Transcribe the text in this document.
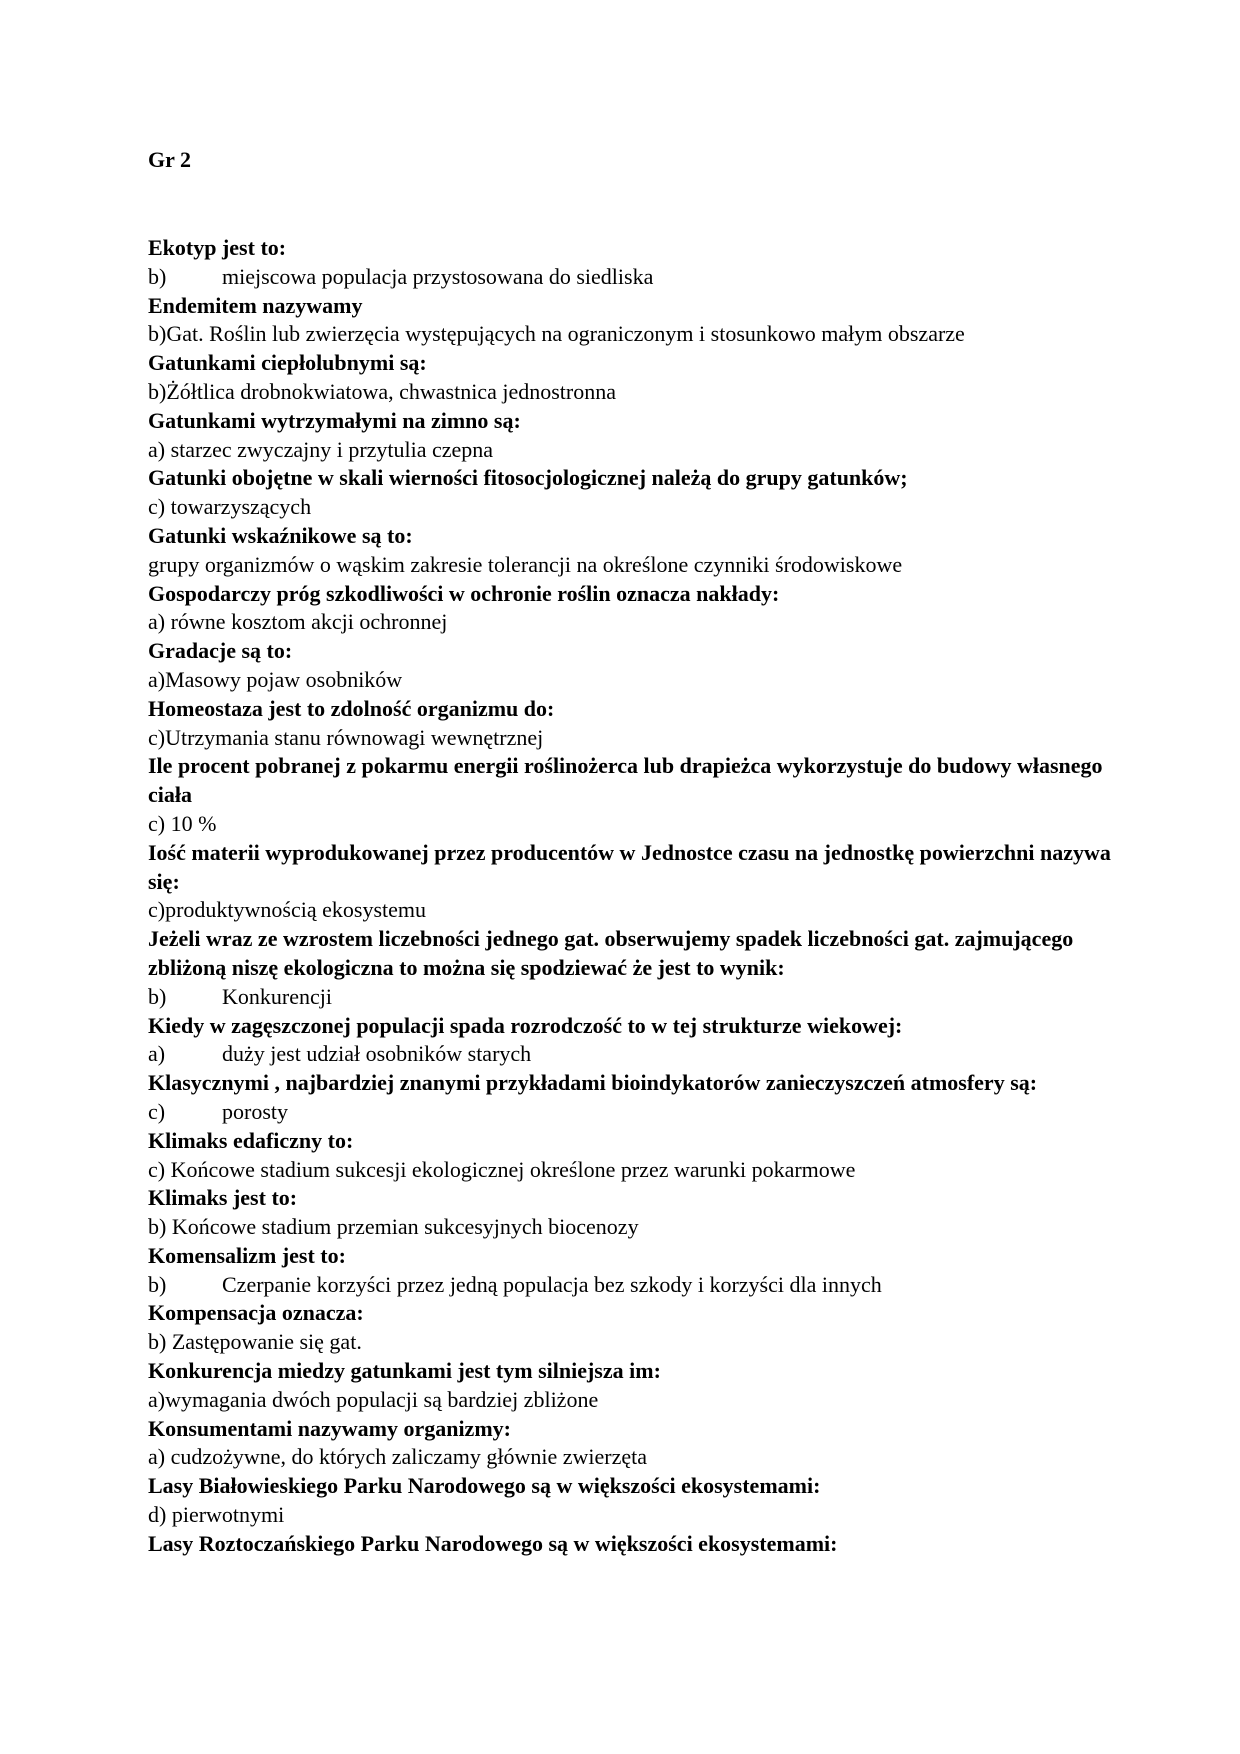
Gr 2
Ekotyp jest to:
b)	miejscowa populacja przystosowana do siedliska
Endemitem nazywamy
b)Gat. Roślin lub zwierzęcia występujących na ograniczonym i stosunkowo małym obszarze
Gatunkami ciepłolubnymi są:
b)Żółtlica drobnokwiatowa, chwastnica jednostronna
Gatunkami wytrzymałymi na zimno są:
a) starzec zwyczajny i przytulia czepna
Gatunki obojętne w skali wierności fitosocjologicznej należą do grupy gatunków;
c) towarzyszących
Gatunki wskaźnikowe są to:
grupy organizmów o wąskim zakresie tolerancji na określone czynniki środowiskowe
Gospodarczy próg szkodliwości w ochronie roślin oznacza nakłady:
a) równe kosztom akcji ochronnej
Gradacje są to:
a)Masowy pojaw osobników
Homeostaza jest to zdolność organizmu do:
c)Utrzymania stanu równowagi wewnętrznej
Ile procent pobranej z pokarmu energii roślinożerca lub drapieżca wykorzystuje do budowy własnego ciała
c) 10 %
Iość materii wyprodukowanej przez producentów w Jednostce czasu na jednostkę powierzchni nazywa się:
c)produktywnością ekosystemu
Jeżeli wraz ze wzrostem liczebności jednego gat. obserwujemy spadek liczebności gat. zajmującego zbliżoną niszę ekologiczna to można się spodziewać że jest to wynik:
b)	Konkurencji
Kiedy w zagęszczonej populacji spada rozrodczość to w tej strukturze wiekowej:
a)	duży jest udział osobników starych
Klasycznymi , najbardziej znanymi przykładami bioindykatorów zanieczyszczeń atmosfery są:
c)	porosty
Klimaks edaficzny to:
c) Końcowe stadium sukcesji ekologicznej określone przez warunki pokarmowe
Klimaks jest to:
b) Końcowe stadium przemian sukcesyjnych biocenozy
Komensalizm jest to:
b)	Czerpanie korzyści przez jedną populacja bez szkody i korzyści dla innych
Kompensacja oznacza:
b) Zastępowanie się gat.
Konkurencja miedzy gatunkami jest tym silniejsza im:
a)wymagania dwóch populacji są bardziej zbliżone
Konsumentami nazywamy organizmy:
a) cudzożywne, do których zaliczamy głównie zwierzęta
Lasy Białowieskiego Parku Narodowego są w większości ekosystemami:
d) pierwotnymi
Lasy Roztoczańskiego Parku Narodowego są w większości ekosystemami:
